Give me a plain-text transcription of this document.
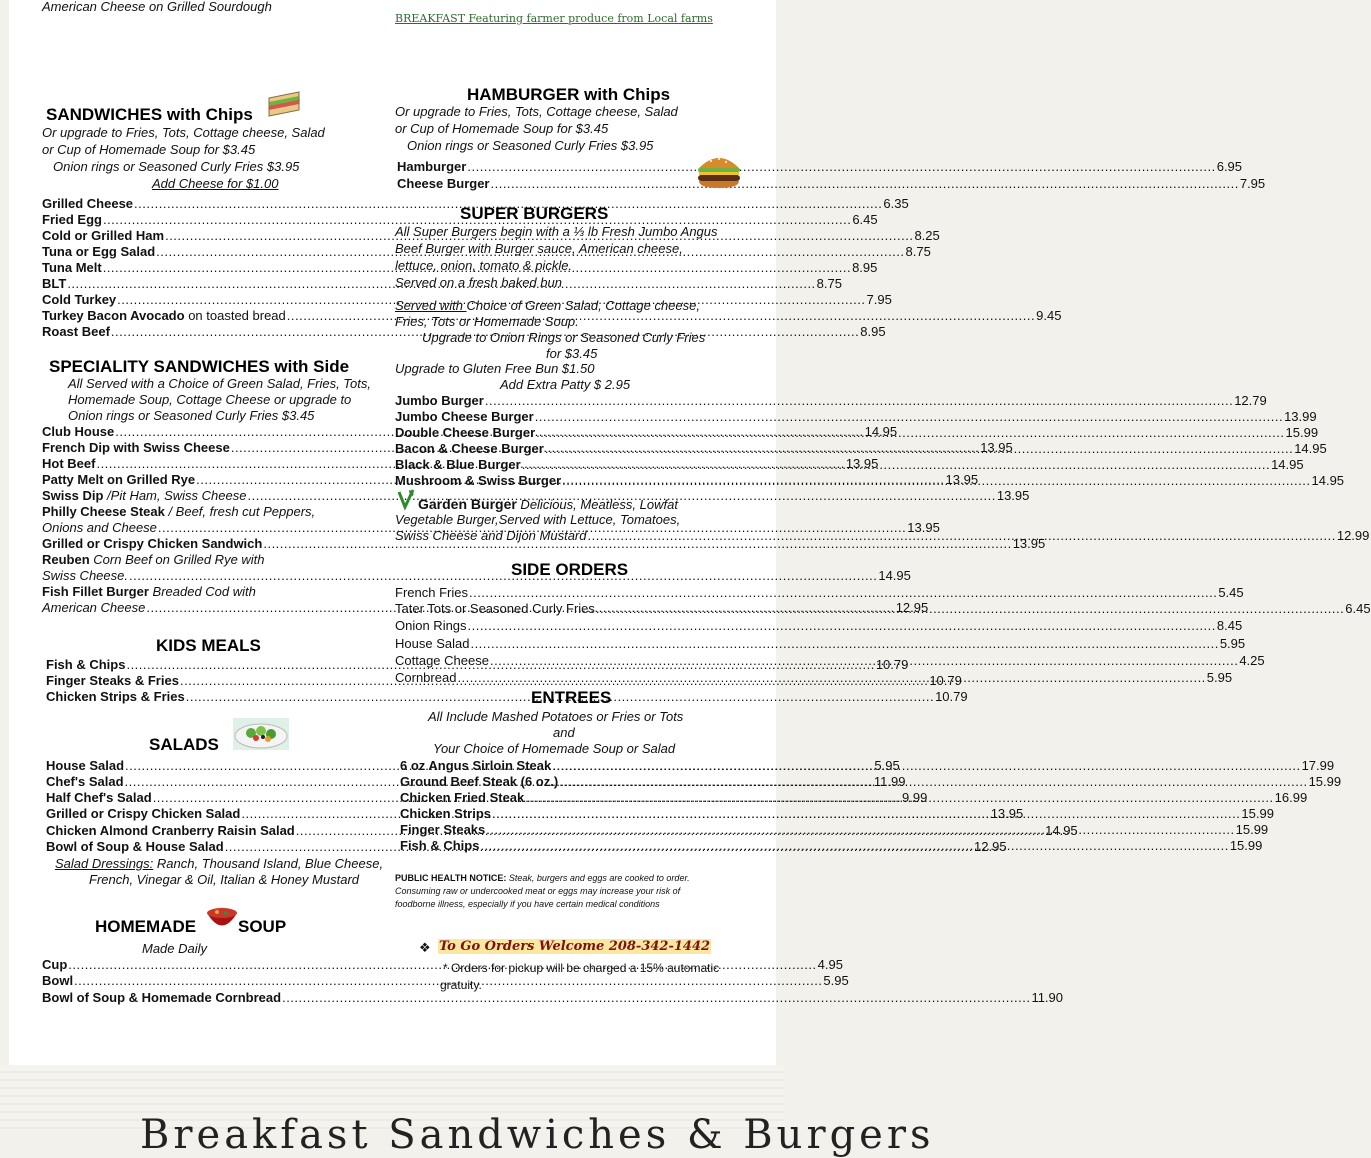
American Cheese on Grilled Sourdough
BREAKFAST Featuring farmer produce from Local farms
SANDWICHES with Chips
Or upgrade to Fries, Tots, Cottage cheese, Salad
or Cup of Homemade Soup for $3.45
Onion rings or Seasoned Curly Fries $3.95
Add Cheese for $1.00
Grilled Cheese .....	6.35
Fried Egg .....	6.45
Cold or Grilled Ham .....	8.25
Tuna or Egg Salad .....	8.75
Tuna Melt .....	8.95
BLT .....	8.75
Cold Turkey .....	7.95
Turkey Bacon Avocado
on toasted bread .....	9.45
Roast Beef .....	8.95
SPECIALITY SANDWICHES with Side
All Served with a Choice of Green Salad, Fries, Tots,
Homemade Soup, Cottage Cheese or upgrade to
Onion rings or Seasoned Curly Fries $3.45
Club House .....	14.95
French Dip with Swiss Cheese .....	13.95
Hot Beef .....	13.95
Patty Melt on Grilled Rye .....	13.95
Swiss Dip
/Pit Ham, Swiss Cheese .....	13.95
Philly Cheese Steak / Beef, fresh cut Peppers,
Onions and Cheese .....	13.95
Grilled or Crispy Chicken Sandwich .....	13.95
Reuben Corn Beef on Grilled Rye with
Swiss Cheese. .....	14.95
Fish Fillet Burger Breaded Cod with
American Cheese .....	12.95
KIDS MEALS
Fish & Chips .....	10.79
Finger Steaks & Fries .....	10.79
Chicken Strips & Fries .....	10.79
SALADS
House Salad .....	5.95
Chef's Salad .....	11.99
Half Chef's Salad .....	9.99
Grilled or Crispy Chicken Salad .....	13.95
Chicken Almond Cranberry Raisin Salad .....	14.95
Bowl of Soup & House Salad .....	12.95
Salad Dressings: Ranch, Thousand Island, Blue Cheese,
French, Vinegar & Oil, Italian & Honey Mustard
HOMEMADE SOUP
Made Daily
Cup .....	4.95
Bowl .....	5.95
Bowl of Soup & Homemade Cornbread .....	11.90
HAMBURGER with Chips
Or upgrade to Fries, Tots, Cottage cheese, Salad
or Cup of Homemade Soup for $3.45
Onion rings or Seasoned Curly Fries $3.95
Hamburger .....	6.95
Cheese Burger .....	7.95
SUPER BURGERS
All Super Burgers begin with a ⅓ lb Fresh Jumbo Angus
Beef Burger with Burger sauce, American cheese,
lettuce, onion, tomato & pickle.
Served on a fresh baked bun
Served with Choice of Green Salad, Cottage cheese,
Fries, Tots or Homemade Soup.
Upgrade to Onion Rings or Seasoned Curly Fries
for $3.45
Upgrade to Gluten Free Bun $1.50
Add Extra Patty $ 2.95
Jumbo Burger .....	12.79
Jumbo Cheese Burger .....	13.99
Double Cheese Burger .....	15.99
Bacon & Cheese Burger .....	14.95
Black & Blue Burger .....	14.95
Mushroom & Swiss Burger .....	14.95
Garden Burger Delicious, Meatless, Lowfat
Vegetable Burger,Served with Lettuce, Tomatoes,
Swiss Cheese and Dijon Mustard .....	12.99
SIDE ORDERS
French Fries .....	5.45
Tater Tots or Seasoned Curly Fries .....	6.45
Onion Rings .....	8.45
House Salad .....	5.95
Cottage Cheese .....	4.25
Cornbread .....	5.95
ENTREES
All Include Mashed Potatoes or Fries or Tots
and
Your Choice of Homemade Soup or Salad
6 oz Angus Sirloin Steak .....	17.99
Ground Beef Steak (6 oz.) .....	15.99
Chicken Fried Steak .....	16.99
Chicken Strips .....	15.99
Finger Steaks .....	15.99
Fish & Chips .....	15.99
PUBLIC HEALTH NOTICE: Steak, burgers and eggs are cooked to order.
Consuming raw or undercooked meat or eggs may increase your risk of
foodborne illness, especially if you have certain medical conditions
❖ To Go Orders Welcome 208-342-1442
* Orders for pickup will be charged a 15% automatic
gratuity.
Breakfast Sandwiches & Burgers
